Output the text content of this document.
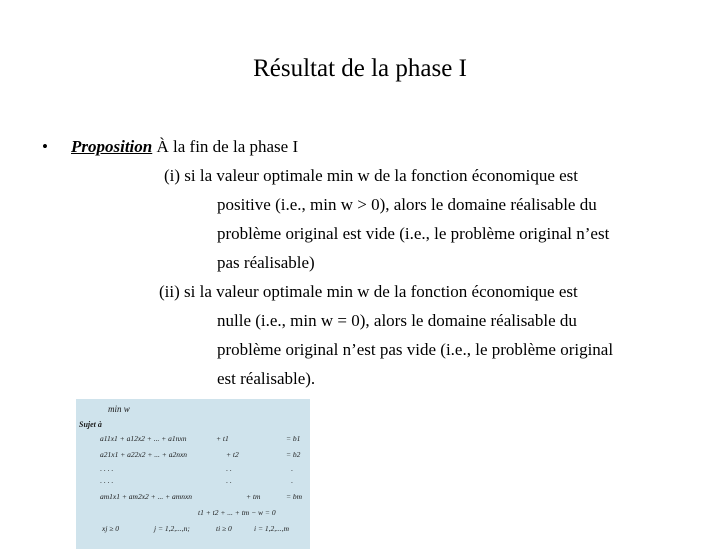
Résultat de la phase I
• Proposition À la fin de la phase I
(i) si la valeur optimale min w de la fonction économique est
positive (i.e., min w > 0), alors le domaine réalisable du
problème original est vide (i.e., le problème original n’est
pas réalisable)
(ii) si la valeur optimale min w de la fonction économique est
nulle (i.e., min w = 0), alors le domaine réalisable du
problème original n’est pas vide (i.e., le problème original
est réalisable).
min w
Sujet à
a11x1 + a12x2 + ... + a1nxn	+ t1	= b1
a21x1 + a22x2 + ... + a2nxn	+ t2	= b2
. . . .	. .	.
. . . .	. .	.
am1x1 + am2x2 + ... + amnxn	+ tm	= bm
t1 + t2 + ... + tm − w = 0
xj ≥ 0	j = 1,2,...,n;	ti ≥ 0	i = 1,2,...,m
